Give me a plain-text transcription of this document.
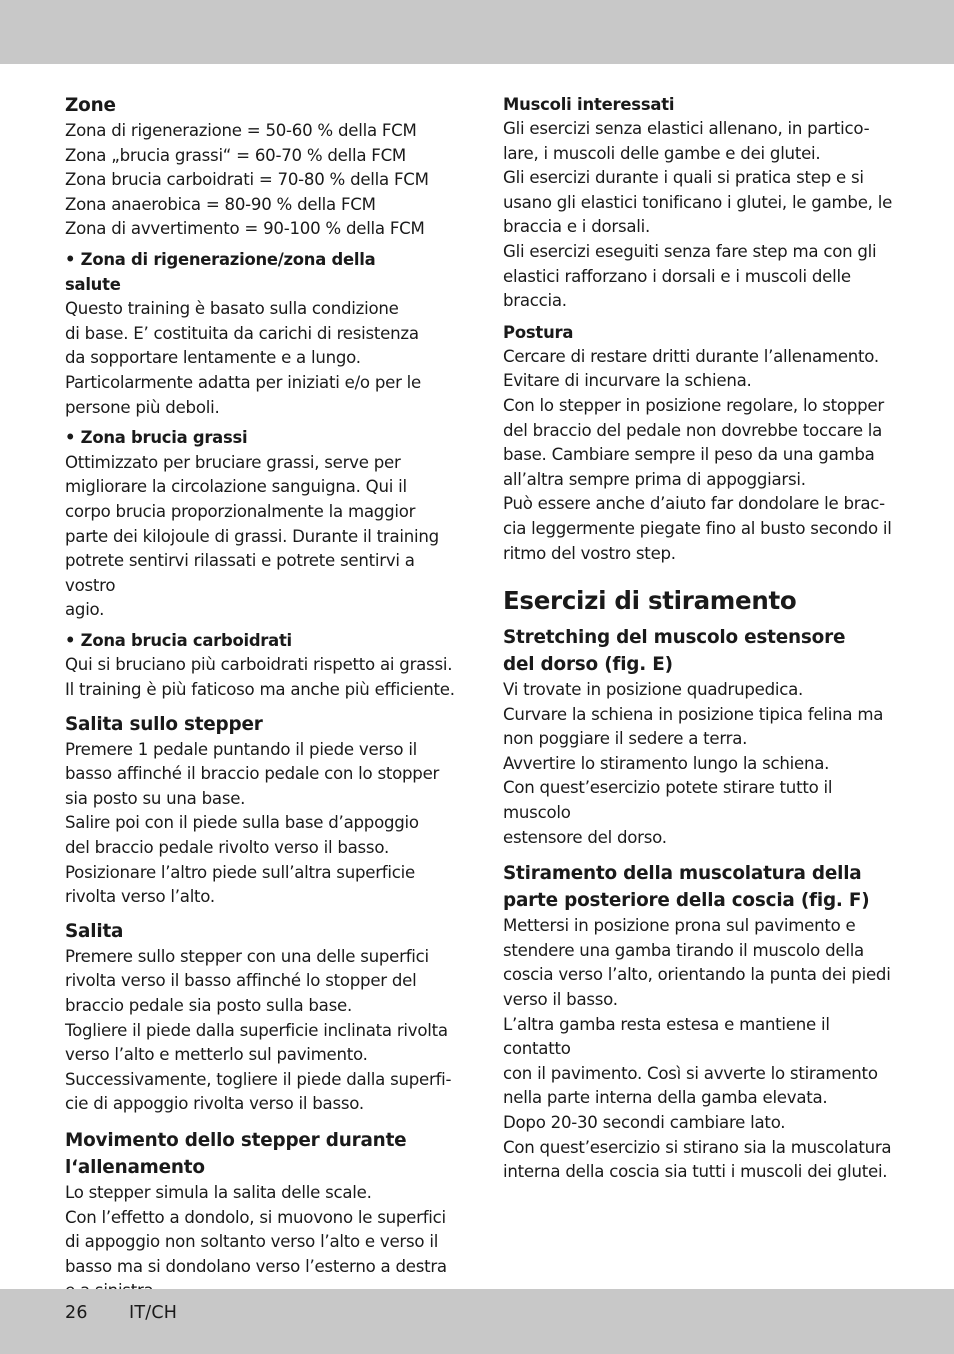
Zone

Zona di rigenerazione = 50-60 % della FCM

Zona „brucia grassi“ = 60-70 % della FCM

Zona brucia carboidrati = 70-80 % della FCM

Zona anaerobica = 80-90 % della FCM

Zona di avvertimento = 90-100 % della FCM

• Zona di rigenerazione/zona della

salute

Questo training è basato sulla condizione

di base. E’ costituita da carichi di resistenza

da sopportare lentamente e a lungo.

Particolarmente adatta per iniziati e/o per le

persone più deboli.

• Zona brucia grassi

Ottimizzato per bruciare grassi, serve per

migliorare la circolazione sanguigna. Qui il

corpo brucia proporzionalmente la maggior

parte dei kilojoule di grassi. Durante il training

potrete sentirvi rilassati e potrete sentirvi a vostro

agio.

• Zona brucia carboidrati

Qui si bruciano più carboidrati rispetto ai grassi.

Il training è più faticoso ma anche più efficiente.

Salita sullo stepper

Premere 1 pedale puntando il piede verso il

basso affinché il braccio pedale con lo stopper

sia posto su una base.

Salire poi con il piede sulla base d’appoggio

del braccio pedale rivolto verso il basso.

Posizionare l’altro piede sull’altra superficie

rivolta verso l’alto.

Salita

Premere sullo stepper con una delle superfici

rivolta verso il basso affinché lo stopper del

braccio pedale sia posto sulla base.

Togliere il piede dalla superficie inclinata rivolta

verso l’alto e metterlo sul pavimento.

Successivamente, togliere il piede dalla superfi-

cie di appoggio rivolta verso il basso.

Movimento dello stepper durante
l‘allenamento

Lo stepper simula la salita delle scale.

Con l’effetto a dondolo, si muovono le superfici

di appoggio non soltanto verso l’alto e verso il

basso ma si dondolano verso l’esterno a destra

Muscoli interessati

Gli esercizi senza elastici allenano, in partico-

lare, i muscoli delle gambe e dei glutei.

Gli esercizi durante i quali si pratica step e si

usano gli elastici tonificano i glutei, le gambe, le

braccia e i dorsali.

Gli esercizi eseguiti senza fare step ma con gli

elastici rafforzano i dorsali e i muscoli delle

braccia.

Postura

Cercare di restare dritti durante l’allenamento.

Evitare di incurvare la schiena.

Con lo stepper in posizione regolare, lo stopper

del braccio del pedale non dovrebbe toccare la

base. Cambiare sempre il peso da una gamba

all’altra sempre prima di appoggiarsi.

Può essere anche d’aiuto far dondolare le brac-

cia leggermente piegate fino al busto secondo il

ritmo del vostro step.

Esercizi di stiramento
Stretching del muscolo estensore
del dorso (fig. E)

Vi trovate in posizione quadrupedica.

Curvare la schiena in posizione tipica felina ma

non poggiare il sedere a terra.

Avvertire lo stiramento lungo la schiena.

Con quest’esercizio potete stirare tutto il muscolo

estensore del dorso.

Stiramento della muscolatura della
parte posteriore della coscia (fig. F)

Mettersi in posizione prona sul pavimento e

stendere una gamba tirando il muscolo della

coscia verso l’alto, orientando la punta dei piedi

verso il basso.

L’altra gamba resta estesa e mantiene il contatto

con il pavimento. Così si avverte lo stiramento

nella parte interna della gamba elevata.

Dopo 20-30 secondi cambiare lato.

Con quest’esercizio si stirano sia la muscolatura

interna della coscia sia tutti i muscoli dei glutei.

26 IT/CH
